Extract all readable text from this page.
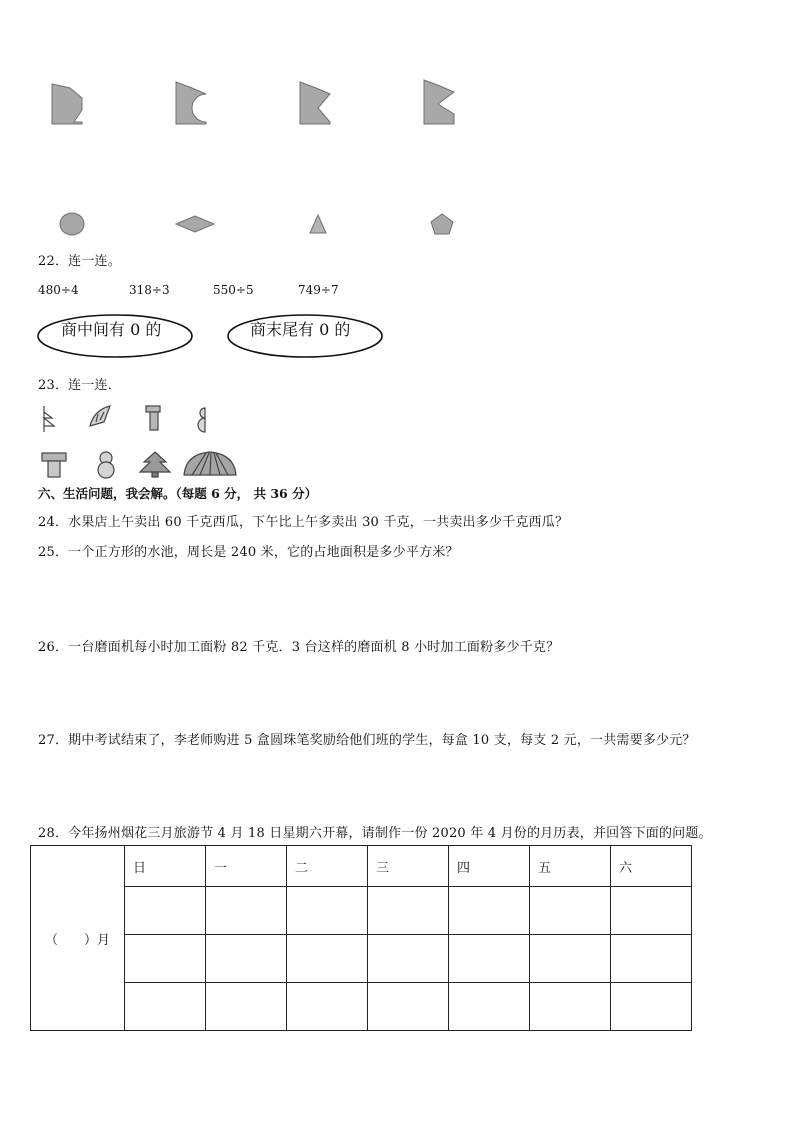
22．连一连。
480÷4	318÷3	550÷5	749÷7
商中间有 0 的	商末尾有 0 的
23．连一连．
六、生活问题，我会解。（每题 6 分， 共 36 分）
24．水果店上午卖出 60 千克西瓜，下午比上午多卖出 30 千克，一共卖出多少千克西瓜？
25．一个正方形的水池，周长是 240 米，它的占地面积是多少平方米？
26．一台磨面机每小时加工面粉 82 千克．3 台这样的磨面机 8 小时加工面粉多少千克？
27．期中考试结束了，李老师购进 5 盒圆珠笔奖励给他们班的学生，每盒 10 支，每支 2 元，一共需要多少元？
28．今年扬州烟花三月旅游节 4 月 18 日星期六开幕，请制作一份 2020 年 4 月份的月历表，并回答下面的问题。
（　　）月	日	一	二	三	四	五	六
